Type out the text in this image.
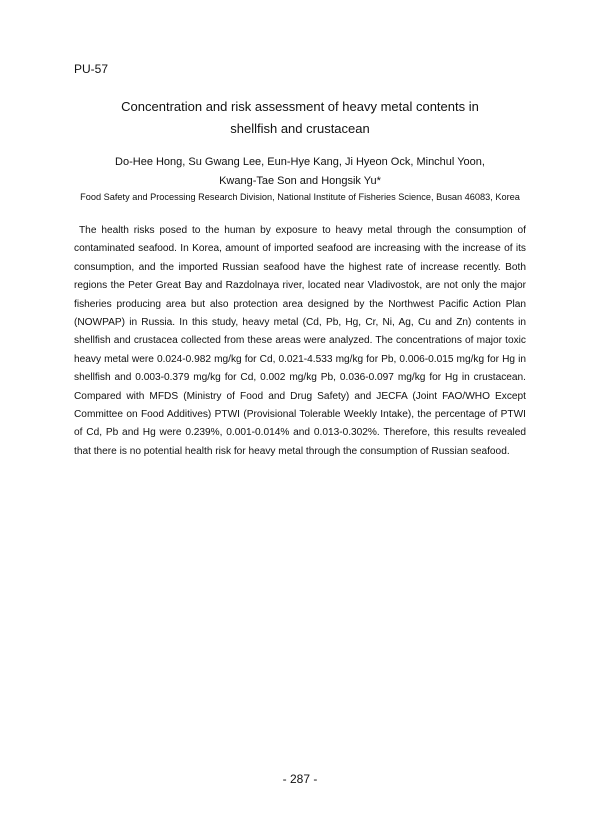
PU-57
Concentration and risk assessment of heavy metal contents in
shellfish and crustacean
Do-Hee Hong, Su Gwang Lee, Eun-Hye Kang, Ji Hyeon Ock, Minchul Yoon,
Kwang-Tae Son and Hongsik Yu*
Food Safety and Processing Research Division, National Institute of Fisheries Science, Busan 46083, Korea

The health risks posed to the human by exposure to heavy metal through the consumption of contaminated seafood. In Korea, amount of imported seafood are increasing with the increase of its consumption, and the imported Russian seafood have the highest rate of increase recently. Both regions the Peter Great Bay and Razdolnaya river, located near Vladivostok, are not only the major fisheries producing area but also protection area designed by the Northwest Pacific Action Plan (NOWPAP) in Russia. In this study, heavy metal (Cd, Pb, Hg, Cr, Ni, Ag, Cu and Zn) contents in shellfish and crustacea collected from these areas were analyzed. The concentrations of major toxic heavy metal were 0.024-0.982 mg/kg for Cd, 0.021-4.533 mg/kg for Pb, 0.006-0.015 mg/kg for Hg in shellfish and 0.003-0.379 mg/kg for Cd, 0.002 mg/kg Pb, 0.036-0.097 mg/kg for Hg in crustacean. Compared with MFDS (Ministry of Food and Drug Safety) and JECFA (Joint FAO/WHO Except Committee on Food Additives) PTWI (Provisional Tolerable Weekly Intake), the percentage of PTWI of Cd, Pb and Hg were 0.239%, 0.001-0.014% and 0.013-0.302%. Therefore, this results revealed that there is no potential health risk for heavy metal through the consumption of Russian seafood.

- 287 -
